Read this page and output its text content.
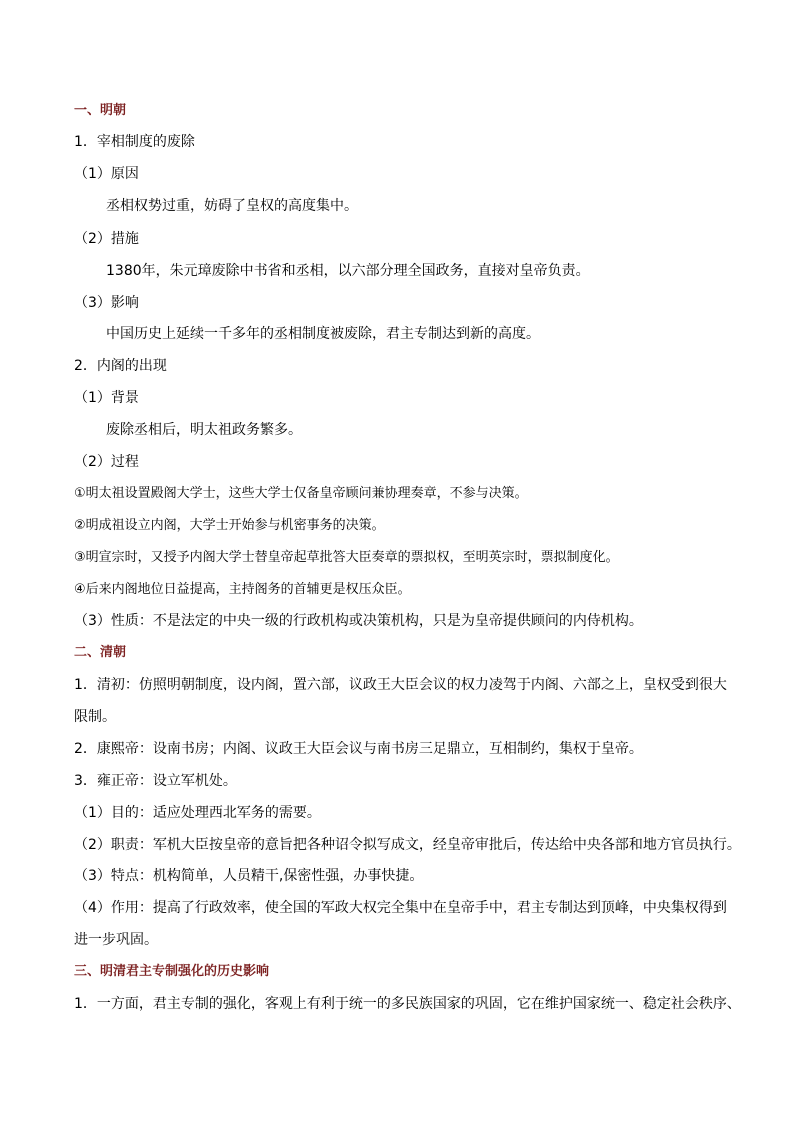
一、明朝
1．宰相制度的废除
（1）原因
丞相权势过重，妨碍了皇权的高度集中。
（2）措施
1380年，朱元璋废除中书省和丞相，以六部分理全国政务，直接对皇帝负责。
（3）影响
中国历史上延续一千多年的丞相制度被废除，君主专制达到新的高度。
2．内阁的出现
（1）背景
废除丞相后，明太祖政务繁多。
（2）过程
①明太祖设置殿阁大学士，这些大学士仅备皇帝顾问兼协理奏章，不参与决策。
②明成祖设立内阁，大学士开始参与机密事务的决策。
③明宣宗时，又授予内阁大学士替皇帝起草批答大臣奏章的票拟权，至明英宗时，票拟制度化。
④后来内阁地位日益提高，主持阁务的首辅更是权压众臣。
（3）性质：不是法定的中央一级的行政机构或决策机构，只是为皇帝提供顾问的内侍机构。
二、清朝
1．清初：仿照明朝制度，设内阁，置六部，议政王大臣会议的权力凌驾于内阁、六部之上，皇权受到很大
限制。
2．康熙帝：设南书房；内阁、议政王大臣会议与南书房三足鼎立，互相制约，集权于皇帝。
3．雍正帝：设立军机处。
（1）目的：适应处理西北军务的需要。
（2）职责：军机大臣按皇帝的意旨把各种诏令拟写成文，经皇帝审批后，传达给中央各部和地方官员执行。
（3）特点：机构简单，人员精干,保密性强，办事快捷。
（4）作用：提高了行政效率，使全国的军政大权完全集中在皇帝手中，君主专制达到顶峰，中央集权得到
进一步巩固。
三、明清君主专制强化的历史影响
1．一方面，君主专制的强化，客观上有利于统一的多民族国家的巩固，它在维护国家统一、稳定社会秩序、
